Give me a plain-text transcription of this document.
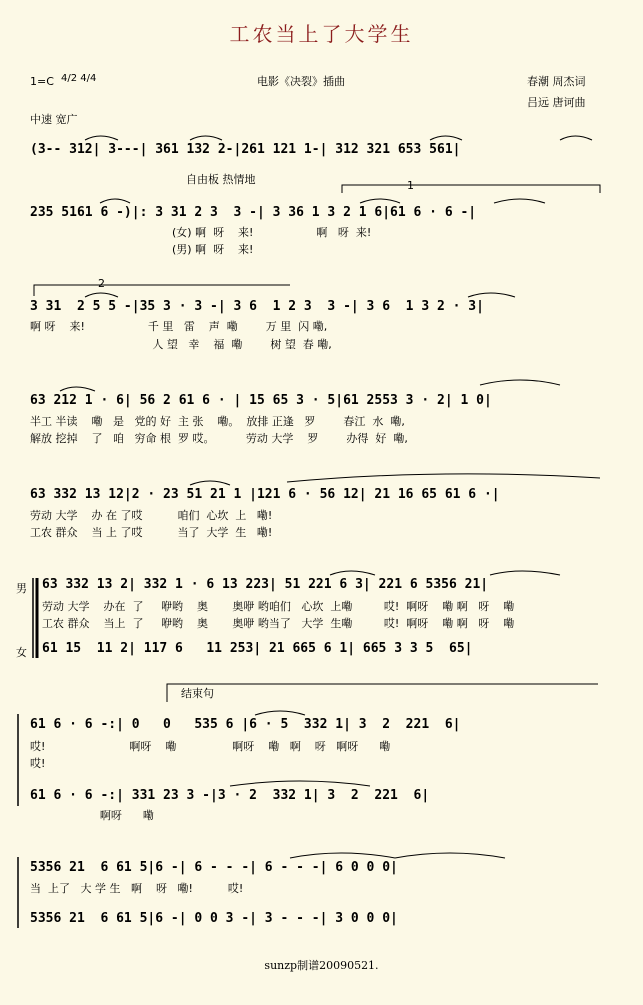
工农当上了大学生
1=C 4/2 4/4	电影《决裂》插曲	春潮 周杰词
吕远 唐诃曲
中速 宽广
自由板 热情地	1
2
结束句
(3-- 312| 3---| 361 132 2-|261 121 1-| 312 321 653 561|
235 5161 6 -)|: 3 31 2 3  3 -| 3 36 1 3 2 1 6|61 6 · 6 -|
(女) 啊  呀    来!                  啊   呀  来!
(男) 啊  呀    来!
3 31  2 5 5 -|35 3 · 3 -| 3 6  1 2 3  3 -| 3 6  1 3 2 · 3|
啊 呀    来!                  千 里   雷    声  嘞        万 里  闪 嘞,
人 望   幸    福  嘞        树 望  春 嘞,
63 212 1 · 6| 56 2 61 6 · | 15 65 3 · 5|61 2553 3 · 2| 1 0|
半工 半读    嘞   是   党的 好  主 张    嘞。  放排 正逢   罗        春江  水  嘞,
解放 挖掉    了   咱   穷命 根  罗 哎。         劳动 大学    罗        办得  好  嘞,
63 332 13 12|2 · 23 51 21 1 |121 6 · 56 12| 21 16 65 61 6 ·|
劳动 大学    办 在 了哎          咱们  心坎  上   嘞!
工农 群众    当 上 了哎          当了  大学  生   嘞!
男
女
63 332 13 2| 332 1 · 6 13 223| 51 221 6 3| 221 6 5356 21|
劳动 大学    办在  了     咿哟    奥       奥咿 哟咱们   心坎  上嘞         哎!  啊呀    嘞 啊   呀    嘞
工农 群众    当上  了     咿哟    奥       奥咿 哟当了   大学  生嘞         哎!  啊呀    嘞 啊   呀    嘞
61 15  11 2| 117 6   11 253| 21 665 6 1| 665 3 3 5  65|
61 6 · 6 -:| 0   0   535 6 |6 · 5  332 1| 3  2  221  6|
哎!                        啊呀    嘞                啊呀    嘞   啊    呀   啊呀      嘞
哎!
61 6 · 6 -:| 331 23 3 -|3 · 2  332 1| 3  2  221  6|
啊呀      嘞
5356 21  6 61 5|6 -| 6 - - -| 6 - - -| 6 0 0 0|
当  上了   大 学 生   啊    呀   嘞!          哎!
5356 21  6 61 5|6 -| 0 0 3 -| 3 - - -| 3 0 0 0|
sunzp制谱20090521.
